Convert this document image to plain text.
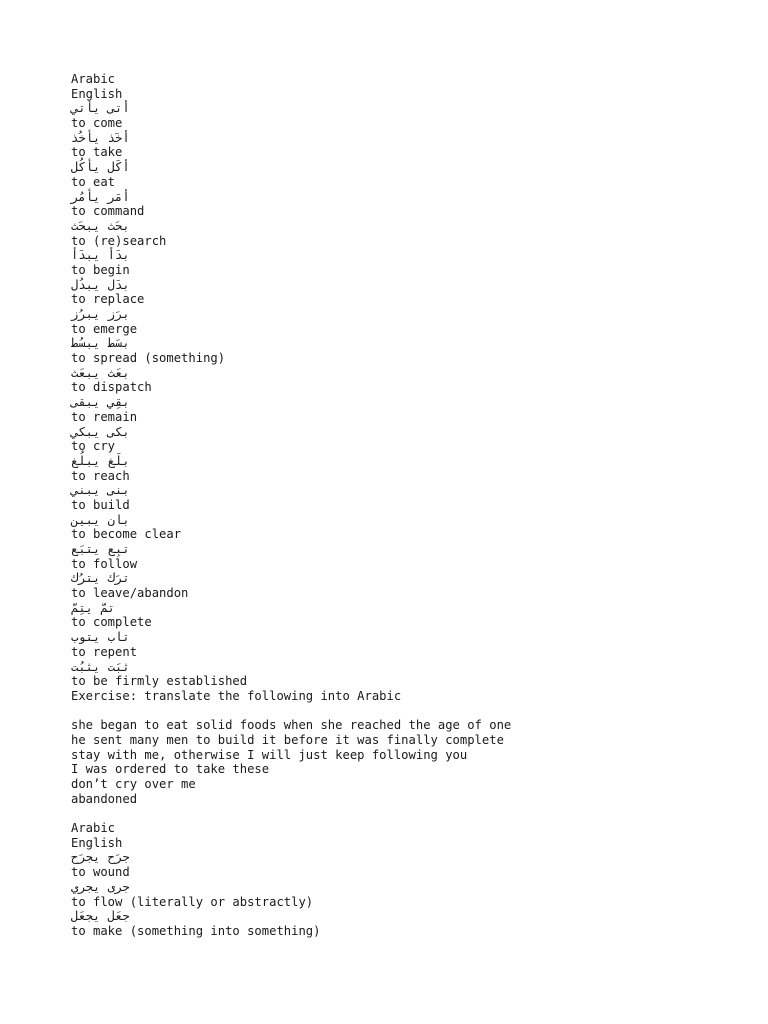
Arabic
English
أتى يأتي
to come
أخَذ يأخُذ
to take
أكَل يأكُل
to eat
أمَر يأمُر
to command
بحَث يبحَث
to (re)search
بدَأ يبدَأ
to begin
بدَل يبدُل
to replace
برَز يبرُز
to emerge
بسَط يبسُط
to spread (something)
بعَث يبعَث
to dispatch
بقِي يبقى
to remain
بكى يبكي
to cry
بلَغ يبلُغ
to reach
بنى يبني
to build
بان يبين
to become clear
تبِع يتبَع
to follow
ترَك يترُك
to leave/abandon
تمّ يتِمّ
to complete
تاب يتوب
to repent
ثبَت يثبُت
to be firmly established
Exercise: translate the following into Arabic
she began to eat solid foods when she reached the age of one
he sent many men to build it before it was finally complete
stay with me, otherwise I will just keep following you
I was ordered to take these
don’t cry over me
abandoned
Arabic
English
جرَح يجرَح
to wound
جرى يجري
to flow (literally or abstractly)
جعَل يجعَل
to make (something into something)
